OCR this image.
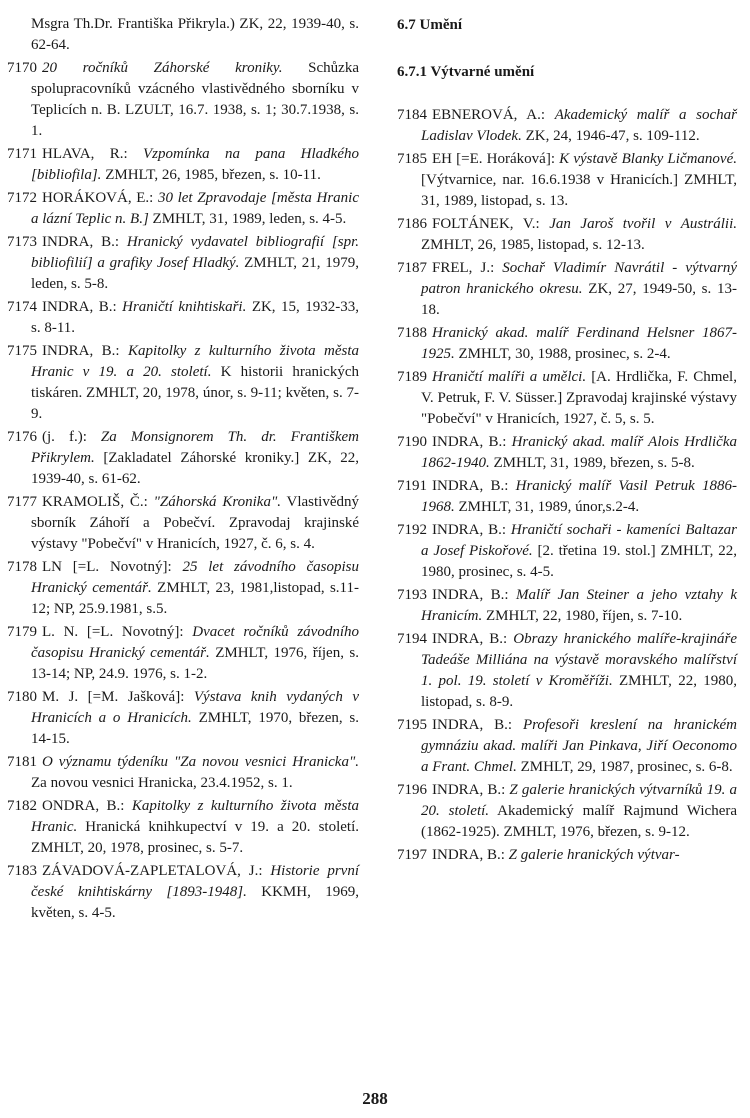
Msgra Th.Dr. Františka Přikryla.) ZK, 22, 1939-40, s. 62-64.

7170 20 ročníků Záhorské kroniky. Schůzka spolupracovníků vzácného vlastivědného sborníku v Teplicích n. B. LZULT, 16.7. 1938, s. 1; 30.7.1938, s. 1.

7171 HLAVA, R.: Vzpomínka na pana Hladkého [bibliofila]. ZMHLT, 26, 1985, březen, s. 10-11.

7172 HORÁKOVÁ, E.: 30 let Zpravodaje [města Hranic a lázní Teplic n. B.] ZMHLT, 31, 1989, leden, s. 4-5.

7173 INDRA, B.: Hranický vydavatel bibliografií [spr. bibliofilií] a grafiky Josef Hladký. ZMHLT, 21, 1979, leden, s. 5-8.

7174 INDRA, B.: Hraničtí knihtiskaři. ZK, 15, 1932-33, s. 8-11.

7175 INDRA, B.: Kapitolky z kulturního života města Hranic v 19. a 20. století. K historii hranických tiskáren. ZMHLT, 20, 1978, únor, s. 9-11; květen, s. 7-9.

7176 (j. f.): Za Monsignorem Th. dr. Františkem Přikrylem. [Zakladatel Záhorské kroniky.] ZK, 22, 1939-40, s. 61-62.

7177 KRAMOLIŠ, Č.: "Záhorská Kronika". Vlastivědný sborník Záhoří a Pobečví. Zpravodaj krajinské výstavy "Pobečví" v Hranicích, 1927, č. 6, s. 4.

7178 LN [=L. Novotný]: 25 let závodního časopisu Hranický cementář. ZMHLT, 23, 1981,listopad, s.11-12; NP, 25.9.1981, s.5.

7179 L. N. [=L. Novotný]: Dvacet ročníků závodního časopisu Hranický cementář. ZMHLT, 1976, říjen, s. 13-14; NP, 24.9. 1976, s. 1-2.

7180 M. J. [=M. Jašková]: Výstava knih vydaných v Hranicích a o Hranicích. ZMHLT, 1970, březen, s. 14-15.

7181 O významu týdeníku "Za novou vesnici Hranicka". Za novou vesnici Hranicka, 23.4.1952, s. 1.

7182 ONDRA, B.: Kapitolky z kulturního života města Hranic. Hranická knihkupectví v 19. a 20. století. ZMHLT, 20, 1978, prosinec, s. 5-7.

7183 ZÁVADOVÁ-ZAPLETALOVÁ, J.: Historie první české knihtiskárny [1893-1948]. KKMH, 1969, květen, s. 4-5.

6.7 Umění

6.7.1 Výtvarné umění

7184 EBNEROVÁ, A.: Akademický malíř a sochař Ladislav Vlodek. ZK, 24, 1946-47, s. 109-112.

7185 EH [=E. Horáková]: K výstavě Blanky Ličmanové. [Výtvarnice, nar. 16.6.1938 v Hranicích.] ZMHLT, 31, 1989, listopad, s. 13.

7186 FOLTÁNEK, V.: Jan Jaroš tvořil v Austrálii. ZMHLT, 26, 1985, listopad, s. 12-13.

7187 FREL, J.: Sochař Vladimír Navrátil - výtvarný patron hranického okresu. ZK, 27, 1949-50, s. 13-18.

7188 Hranický akad. malíř Ferdinand Helsner 1867-1925. ZMHLT, 30, 1988, prosinec, s. 2-4.

7189 Hraničtí malíři a umělci. [A. Hrdlička, F. Chmel, V. Petruk, F. V. Süsser.] Zpravodaj krajinské výstavy "Pobečví" v Hranicích, 1927, č. 5, s. 5.

7190 INDRA, B.: Hranický akad. malíř Alois Hrdlička 1862-1940. ZMHLT, 31, 1989, březen, s. 5-8.

7191 INDRA, B.: Hranický malíř Vasil Petruk 1886-1968. ZMHLT, 31, 1989, únor,s.2-4.

7192 INDRA, B.: Hraničtí sochaři - kameníci Baltazar a Josef Piskořové. [2. třetina 19. stol.] ZMHLT, 22, 1980, prosinec, s. 4-5.

7193 INDRA, B.: Malíř Jan Steiner a jeho vztahy k Hranicím. ZMHLT, 22, 1980, říjen, s. 7-10.

7194 INDRA, B.: Obrazy hranického malíře-krajináře Tadeáše Milliána na výstavě moravského malířství 1. pol. 19. století v Kroměříži. ZMHLT, 22, 1980, listopad, s. 8-9.

7195 INDRA, B.: Profesoři kreslení na hranickém gymnáziu akad. malíři Jan Pinkava, Jiří Oeconomo a Frant. Chmel. ZMHLT, 29, 1987, prosinec, s. 6-8.

7196 INDRA, B.: Z galerie hranických výtvarníků 19. a 20. století. Akademický malíř Rajmund Wichera (1862-1925). ZMHLT, 1976, březen, s. 9-12.

7197 INDRA, B.: Z galerie hranických výtvar-

288
